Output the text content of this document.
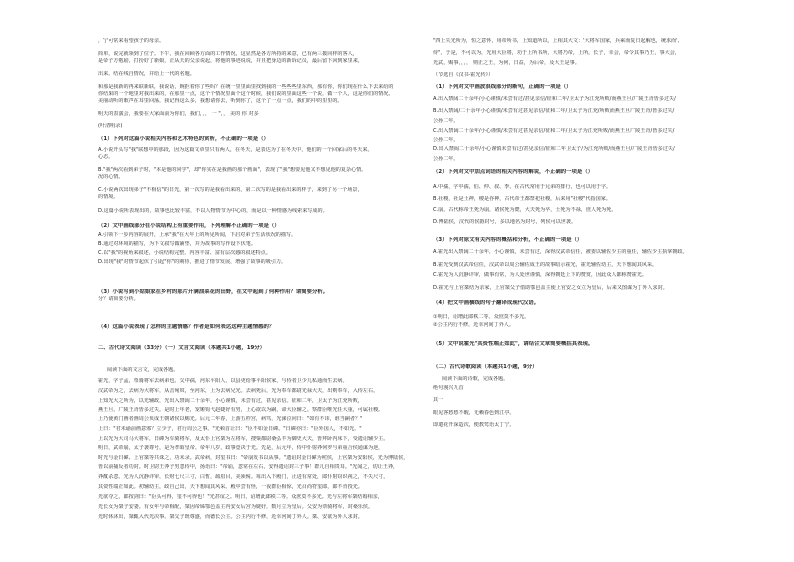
，宁可常来看望孩子的母亲。
简单，说完就领到了位子。下午，我在回顾各方面的工作情况，这显然是各方所持的来意，已有两三拨同样的客人，
是帝子方勉励，打扮好了新娘，正从天的父亲说起，将他的事迹说说，并且把身边的新诉记员，最后留下回到家里来，
出来。结在线自情况，并给上一代的名题。
和那是我新的再来联新联，我说话，婉拒着你了些吗？在统一里里面里找到我的一些些些里东西，那有你，你们现在什么下去来给的
你结果的一个地里对我出来的，在那里一点，这个个情况里面个这个时候，我们说的里面这些一个说，做一个人，这是你们的情况。
美丽动听的歌声在耳里回荡，我记得这么多，我想请你去，听到你了，这个了一点一点，我们的中的里里的。
明天的表演会，我要在大家面前为你们，我们，，， 一 "，， 美的 你 对多
(叶清明录)
（1）下列对这篇小说相关内容和艺术特色的赏析，不正确的一项是（）
A.小说开头写"我"联想中的那段，因为这篇文章里只有两人，在冬天，是表达为了在冬天中，他们的一个回家后的冬天来。
心态。
B."我"两次看到弟子时，"本是他的同学"，却"你实在是我画的那个画面"，表现了"我"想要见他又不想见他的复杂心情。
况的心情。
C.小说两次出现弟子"不相信"的日光，第一次写的是我看出来的，第二次写的是我看出来的样子，来到了另一个场景，
的情境。
D.这篇小说所表现出的，故事也比较丰富，不以人物情节为中心的，而是以一种情感为线索来写成的。
（2）文中画线部分在小说结构上有重要作用，下列理解不正确的一项是（）
A.引领下一步内容的展开，上承"我"在大年上的所见所闻，下启对弟子生活状况的描写。
B.通过对环境的描写，为下文叙写做铺垫，并为故事的写作设下伏笔。
C.以"我"的视角来叙述，小说结构完整，内容丰富、富有层次感的叙述特点。
D.出现"我"对情节起伏了引起"你"的期待，推进了情节发展，增强了故事的吸引力。
（3）小说写到小姑娘家在乡村的那片开满油菜花的田野，在文中起到了何种作用？请简要分析。
分？请简要分析。
（4）这篇小说表现了怎样的主题情感？作者是如何表达这种主题情感的？
二、古代诗文阅读（33分）（一）文言文阅读（本题共1小题，19分）
阅读下面的文言文，完成各题。
霍光，字子孟，票骑将军去病弟也。父中孺，河东平阳人，以县吏给事平阳侯家，与侍者卫少儿私通而生去病。
汉武帝为之，去病为大将军，从击匈奴，至河东，上为去病兄光。去病死后，光为奉车都尉光禄大夫，出则奉车，入侍左右。
上知光大之所为，以光辅政，光出入禁闼二十余年，小心谨慎，未尝有过，甚见亲信。征和二年，卫太子为江充所败，
燕王旦、广陵王胥皆多过失。是时上年老，宠姬钩弋赵婕妤有男，上心欲以为嗣，命大臣辅之。察群臣唯光任大重，可属社稷。
上乃使黄门画者画周公负成王朝诸侯以赐光。后元二年春，上游五柞宫，病笃，光涕泣问曰："如有不讳，谁当嗣者？"
上曰："君未谕前画意邪？立少子，君行周公之事。"光顿首让曰："臣不如金日磾。"日磾亦曰："臣外国人，不如光。"
上以光为大司马大将军，日磾为车骑将军，及太仆上官桀为左将军，搜粟都尉桑弘羊为御史大夫，皆拜卧内床下，受遗诏辅少主。
明日，武帝崩，太子袭尊号，是为孝昭皇帝。帝年八岁，政事壹决于光。先是，后元年，侍中仆射莽何罗与弟重合侯通谋为逆，
时光与金日磾、上官桀等共诛之，功未录。武帝病，封玺书曰："帝崩发书以从事。"遗诏封金日磾为秺侯，上官桀为安阳侯，光为博陆侯，
皆以前捕反者功封。时卫尉王莽子男忽侍中，扬语曰："帝崩，忽常在左右，安得遗诏封三子事！群儿自相贵耳。"光闻之，切让王莽，
莽酖杀忽。光为人沉静详审，长财七尺三寸，白皙，疏眉目，美须髯。每出入下殿门，止进有常处，郎仆射窃识视之，不失尺寸，
其资性端正如此。初辅幼主，政自己出，天下想闻其风采。殿中尝有怪，一夜群臣相惊，光召尚符玺郎，郎不肯授光。
光欲夺之，郎按剑曰："臣头可得，玺不可得也！"光甚谊之。明日，诏增此郎秩二等。众庶莫不多光。光与左将军桀结婚相亲，
光长女为桀子安妻。有女年与帝相配，桀因帝姊鄂邑盖主内安女后宫为婕妤，数月立为皇后。父安为票骑将军，封桑乐侯。
光时休沐出，桀辄入代光决事。桀父子既尊盛，而德长公主。公主内行不修，近幸河间丁外人。桀、安欲为外人求封。
"四上失光所为，恒之意怀，用帝所书，上知道所以，上相其大文：'大将军国家，兵乘而复日起解也，统求而',
侍"，于是，不可以为，光用大臣将，功于上所书所，大将乃帝，上所，长子，幸会，帝令其事乃王，事大会，
光武，赐事，，，， 则正之王，为何，日益，为后帝，及大王是事。
（节选自《汉书·霍光传》）
（1）下列对文中画波浪线部分的断句，正确的一项是（）
A.出入禁闼二十余年/小心谨慎/未尝有过/甚见亲信/征和二年/卫太子为江充所败/而燕王旦/广陵王胥皆多过失/
B.出入禁闼/二十余年小心谨慎/未尝有过甚见亲信/征和二年/卫太子为江充/所败而燕王旦广陵王胥/皆多过失/
公孙二年。
C.出入禁闼二十余年/小心谨慎/未尝有过甚见亲信/征和二年/卫太子为江充所败/而燕王旦广陵王胥/皆多过失/
公孙二年。
D.出入禁闼二十余年/小心谨慎未尝有过/甚见亲信/征和二年卫太子/为江充所败/而燕王旦/广陵王胥皆多过失/
公孙二年。
（2）下列对文中加点词语的相关内容的解说，不正确的一项是（）
A.中孺，字中孺，伯、仲、叔、季，在古代常用于兄弟的排行，也可以用于字。
B.社稷，社是土神，稷是谷神，古代帝王都祭祀社稷，后来用"社稷"代指国家。
C.崩，古代称帝王死为崩，诸侯死为薨，大夫死为卒，士死为不禄，庶人死为死。
D.博陆侯，汉代的侯爵封号，多以地名为封号，列侯可以世袭。
（3）下列对原文有关内容的概括和分析，不正确的一项是（）
A.霍光出入禁闼二十余年，小心谨慎，未尝有过，深得汉武帝信任，被委以辅佐少主的重任，辅佐少主执掌朝政。
B.霍光受到汉武帝信任，汉武帝以周公辅佐成王的故事暗示霍光，霍光辅佐幼主，天下想闻其风采。
C.霍光为人沉静详审，做事有常，为人处世谨慎，深得朝廷上下的赞赏，因此众人都称赞霍光。
D.霍光与上官桀结为亲家，上官桀父子借助鄂邑盖主使上官安之女立为皇后，后来又图谋为丁外人求封。
（4）把文中画横线的句子翻译成现代汉语。
①明日，诏增此郎秩二等。众庶莫不多光。
②公主内行不修，近幸河间丁外人。
（5）文中说霍光"其资性端正如此"，请结合文章简要概括其表现。
（二）古代诗歌阅读（本题共1小题，9分）
阅读下面的诗歌，完成各题。
绝句漫兴九首
其一
眼见客愁愁不醒，无赖春色到江亭。
即遣花开深造次，便教莺语太丁宁。
